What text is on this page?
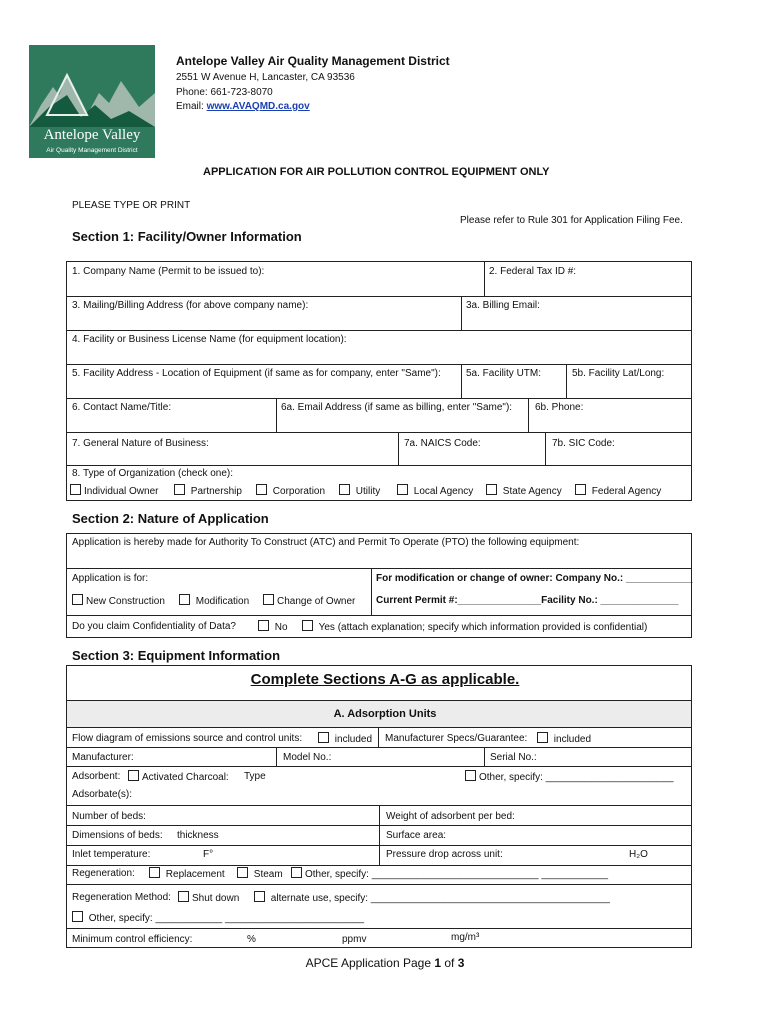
Antelope Valley
Air Quality Management District
Antelope Valley Air Quality Management District
2551 W Avenue H, Lancaster, CA 93536
Phone: 661-723-8070
Email: www.AVAQMD.ca.gov
APPLICATION FOR AIR POLLUTION CONTROL EQUIPMENT ONLY
PLEASE TYPE OR PRINT
Please refer to Rule 301 for Application Filing Fee.
Section 1: Facility/Owner Information
1. Company Name (Permit to be issued to):	2. Federal Tax ID #:
3. Mailing/Billing Address (for above company name):	3a. Billing Email:
4. Facility or Business License Name (for equipment location):
5. Facility Address - Location of Equipment (if same as for company, enter "Same"):	5a. Facility UTM:	5b. Facility Lat/Long:
6. Contact Name/Title:	6a. Email Address (if same as billing, enter "Same"): 6b. Phone:
7. General Nature of Business:	7a. NAICS Code:	7b. SIC Code:
8. Type of Organization (check one):
Individual Owner	Partnership	Corporation	Utility	Local Agency	State Agency	Federal Agency
Section 2: Nature of Application
Application is hereby made for Authority To Construct (ATC) and Permit To Operate (PTO) the following equipment:
Application is for:	For modification or change of owner: Company No.: ____________
New Construction	Modification	Change of Owner Current Permit #:_______________Facility No.: ______________
Do you claim Confidentiality of Data?	No	Yes (attach explanation; specify which information provided is confidential)
Section 3: Equipment Information
Complete Sections A-G as applicable.
A. Adsorption Units
Flow diagram of emissions source and control units:	included Manufacturer Specs/Guarantee:	included
Manufacturer:	Model No.:	Serial No.:
Adsorbent:	Activated Charcoal: Type	Other, specify: _______________________
Adsorbate(s):
Number of beds:	Weight of adsorbent per bed:
Dimensions of beds: thickness	Surface area:
Inlet temperature:	F°	Pressure drop across unit:	H₂O
Regeneration:	Replacement	Steam	Other, specify: ______________________________ ____________
Regeneration Method:	Shut down	alternate use, specify: ___________________________________________
Other, specify: ____________ _________________________
Minimum control efficiency:	%	ppmv	mg/m³
APCE Application Page 1 of 3
